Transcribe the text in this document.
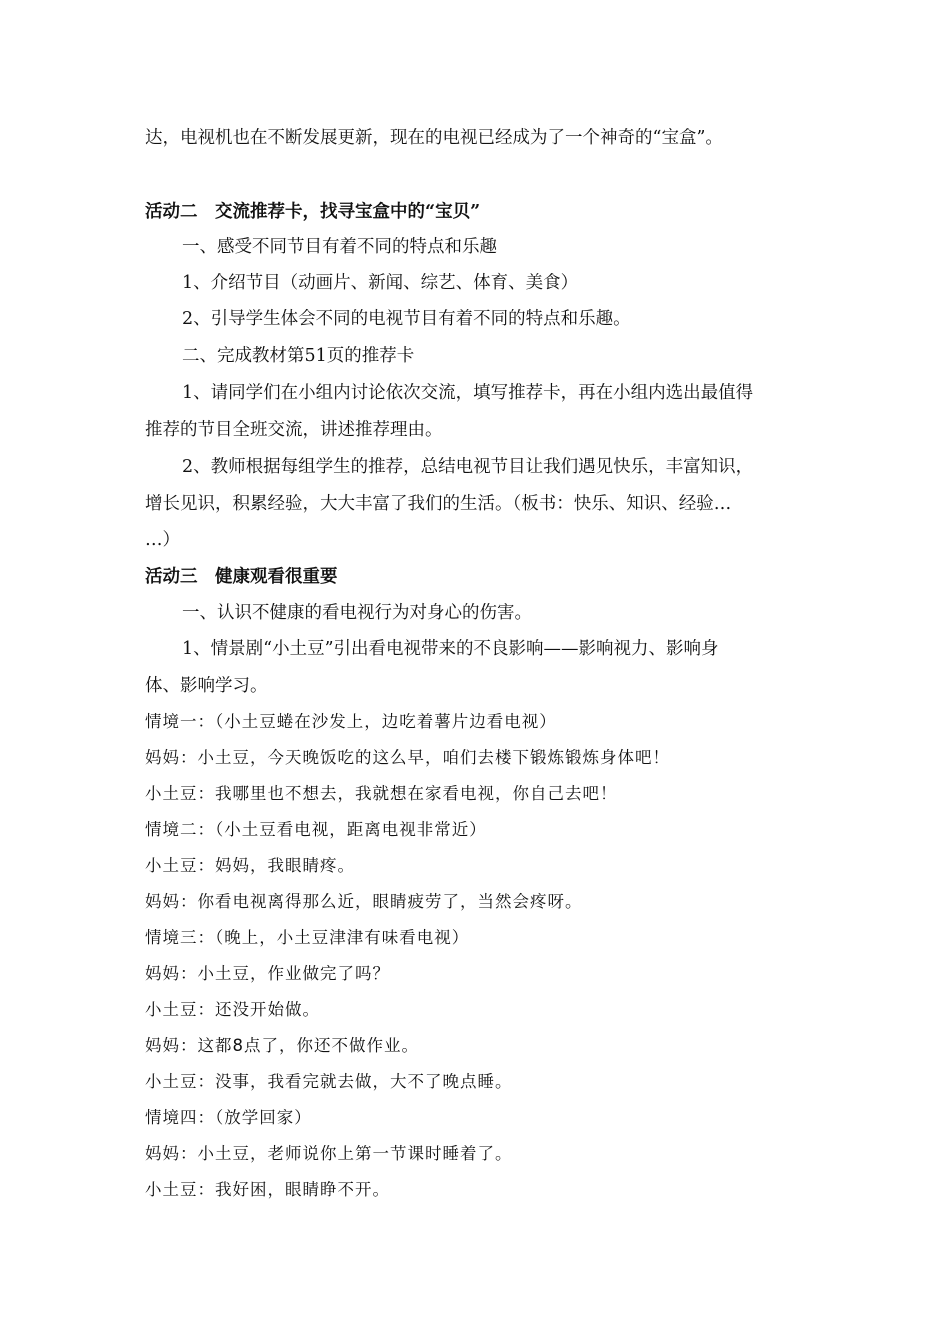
达，电视机也在不断发展更新，现在的电视已经成为了一个神奇的“宝盒”。
活动二　交流推荐卡，找寻宝盒中的“宝贝”
一、感受不同节目有着不同的特点和乐趣
1、介绍节目（动画片、新闻、综艺、体育、美食）
2、引导学生体会不同的电视节目有着不同的特点和乐趣。
二、完成教材第51页的推荐卡
1、请同学们在小组内讨论依次交流，填写推荐卡，再在小组内选出最值得
推荐的节目全班交流，讲述推荐理由。
2、教师根据每组学生的推荐，总结电视节目让我们遇见快乐，丰富知识，
增长见识，积累经验，大大丰富了我们的生活。（板书：快乐、知识、经验…
…）
活动三　健康观看很重要
一、认识不健康的看电视行为对身心的伤害。
1、情景剧“小土豆”引出看电视带来的不良影响——影响视力、影响身
体、影响学习。
情境一：（小土豆蜷在沙发上，边吃着薯片边看电视）
妈妈：小土豆，今天晚饭吃的这么早，咱们去楼下锻炼锻炼身体吧！
小土豆：我哪里也不想去，我就想在家看电视，你自己去吧！
情境二：（小土豆看电视，距离电视非常近）
小土豆：妈妈，我眼睛疼。
妈妈：你看电视离得那么近，眼睛疲劳了，当然会疼呀。
情境三：（晚上，小土豆津津有味看电视）
妈妈：小土豆，作业做完了吗？
小土豆：还没开始做。
妈妈：这都8点了，你还不做作业。
小土豆：没事，我看完就去做，大不了晚点睡。
情境四：（放学回家）
妈妈：小土豆，老师说你上第一节课时睡着了。
小土豆：我好困，眼睛睁不开。
